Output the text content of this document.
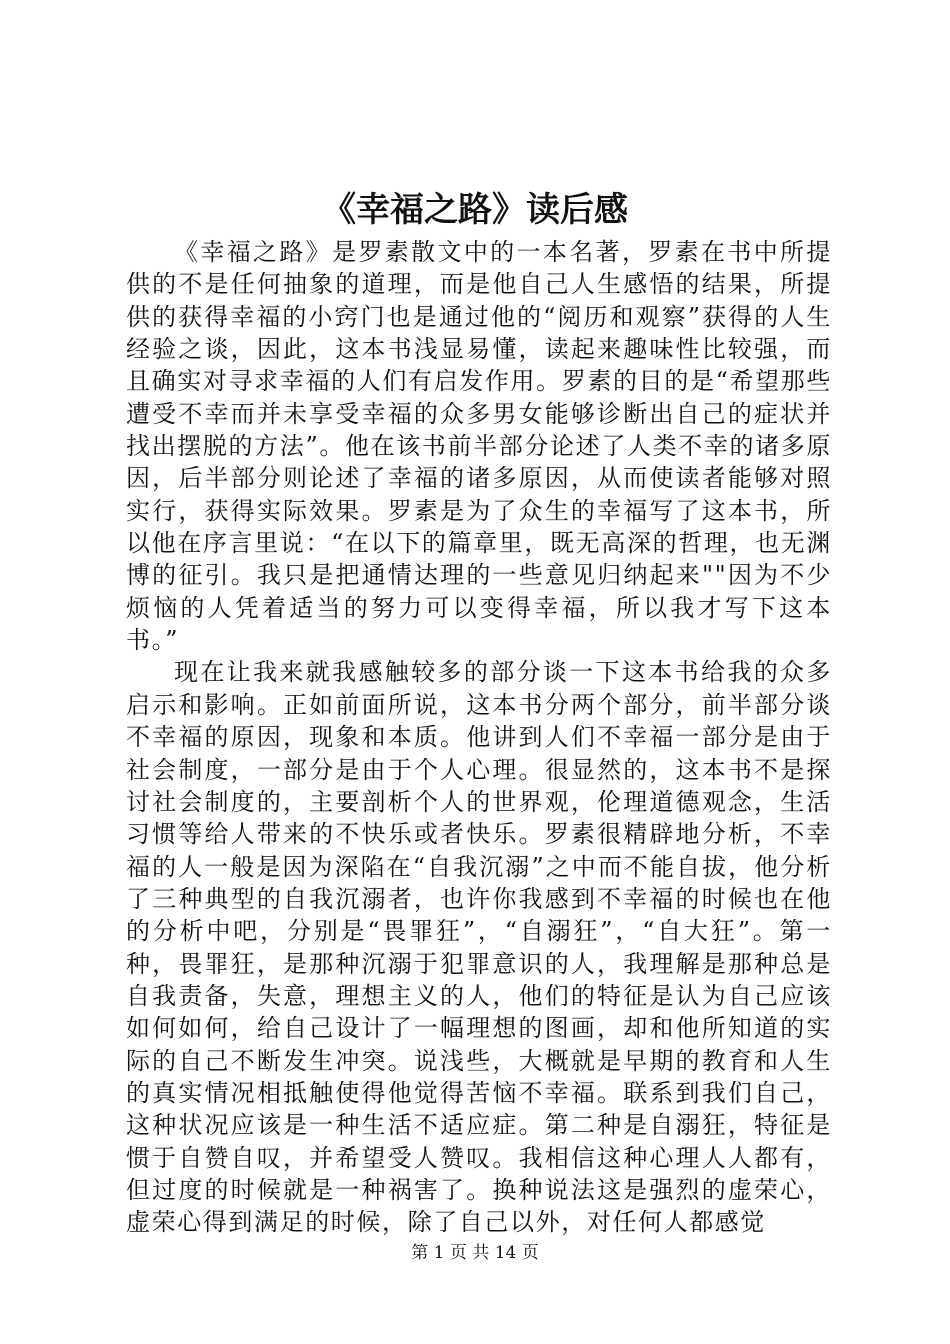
《幸福之路》读后感

《幸福之路》是罗素散文中的一本名著，罗素在书中所提供的不是任何抽象的道理，而是他自己人生感悟的结果，所提供的获得幸福的小窍门也是通过他的“阅历和观察”获得的人生经验之谈，因此，这本书浅显易懂，读起来趣味性比较强，而且确实对寻求幸福的人们有启发作用。罗素的目的是“希望那些遭受不幸而并未享受幸福的众多男女能够诊断出自己的症状并找出摆脱的方法”。他在该书前半部分论述了人类不幸的诸多原因，后半部分则论述了幸福的诸多原因，从而使读者能够对照实行，获得实际效果。罗素是为了众生的幸福写了这本书，所以他在序言里说：“在以下的篇章里，既无高深的哲理，也无渊博的征引。我只是把通情达理的一些意见归纳起来""因为不少烦恼的人凭着适当的努力可以变得幸福，所以我才写下这本书。”

现在让我来就我感触较多的部分谈一下这本书给我的众多启示和影响。正如前面所说，这本书分两个部分，前半部分谈不幸福的原因，现象和本质。他讲到人们不幸福一部分是由于社会制度，一部分是由于个人心理。很显然的，这本书不是探讨社会制度的，主要剖析个人的世界观，伦理道德观念，生活习惯等给人带来的不快乐或者快乐。罗素很精辟地分析，不幸福的人一般是因为深陷在“自我沉溺”之中而不能自拔，他分析了三种典型的自我沉溺者，也许你我感到不幸福的时候也在他的分析中吧，分别是“畏罪狂”，“自溺狂”，“自大狂”。第一种，畏罪狂，是那种沉溺于犯罪意识的人，我理解是那种总是自我责备，失意，理想主义的人，他们的特征是认为自己应该如何如何，给自己设计了一幅理想的图画，却和他所知道的实际的自己不断发生冲突。说浅些，大概就是早期的教育和人生的真实情况相抵触使得他觉得苦恼不幸福。联系到我们自己，这种状况应该是一种生活不适应症。第二种是自溺狂，特征是惯于自赞自叹，并希望受人赞叹。我相信这种心理人人都有，但过度的时候就是一种祸害了。换种说法这是强烈的虚荣心，虚荣心得到满足的时候，除了自己以外，对任何人都感觉

第 1 页 共 14 页
